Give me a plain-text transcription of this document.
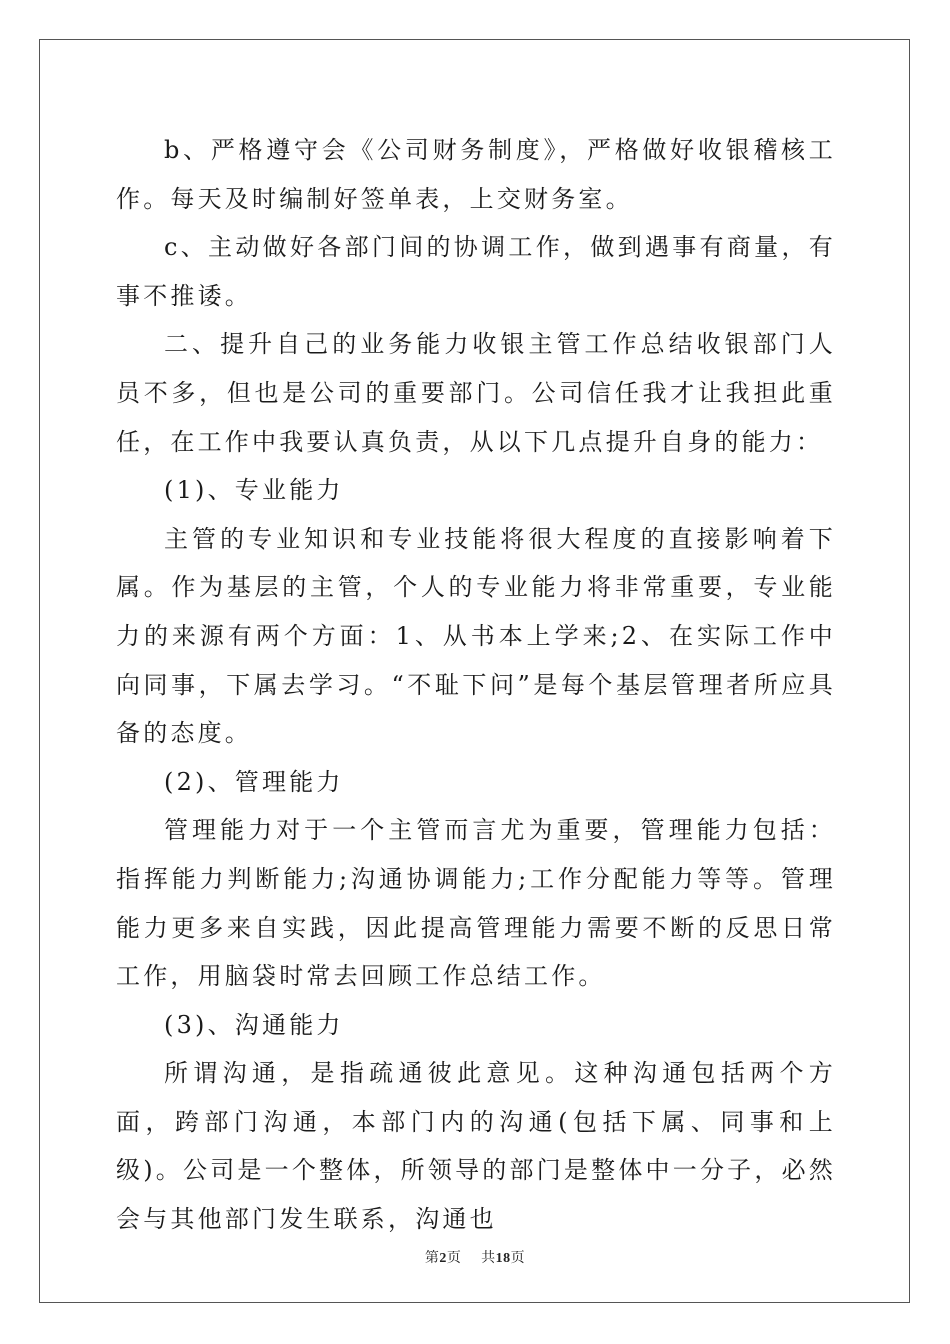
b、严格遵守会《公司财务制度》，严格做好收银稽核工作。每天及时编制好签单表，上交财务室。

c、主动做好各部门间的协调工作，做到遇事有商量，有事不推诿。

二、提升自己的业务能力收银主管工作总结收银部门人员不多，但也是公司的重要部门。公司信任我才让我担此重任，在工作中我要认真负责，从以下几点提升自身的能力：

(1)、专业能力

主管的专业知识和专业技能将很大程度的直接影响着下属。作为基层的主管，个人的专业能力将非常重要，专业能力的来源有两个方面：1、从书本上学来;2、在实际工作中向同事，下属去学习。“不耻下问”是每个基层管理者所应具备的态度。

(2)、管理能力

管理能力对于一个主管而言尤为重要，管理能力包括：指挥能力判断能力;沟通协调能力;工作分配能力等等。管理能力更多来自实践，因此提高管理能力需要不断的反思日常工作，用脑袋时常去回顾工作总结工作。

(3)、沟通能力

所谓沟通，是指疏通彼此意见。这种沟通包括两个方面，跨部门沟通，本部门内的沟通(包括下属、同事和上级)。公司是一个整体，所领导的部门是整体中一分子，必然会与其他部门发生联系，沟通也

第2页 共18页
